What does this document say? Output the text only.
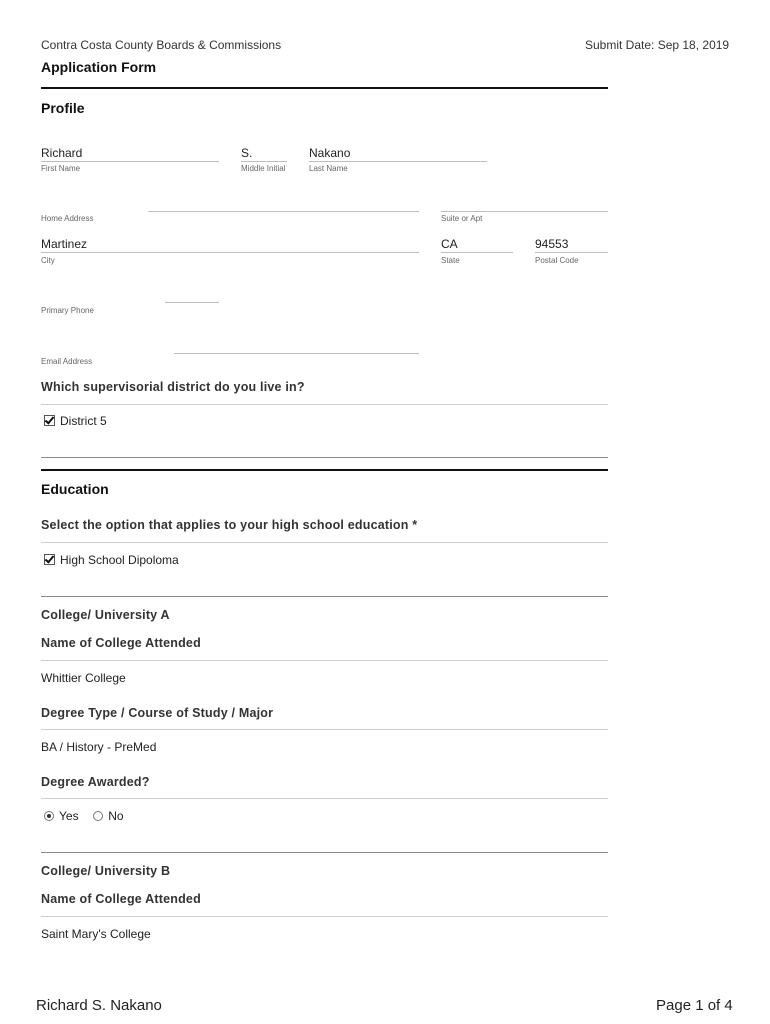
Contra Costa County Boards & Commissions	Submit Date: Sep 18, 2019
Application Form
Profile
Richard
First Name
S.
Middle Initial
Nakano
Last Name
Home Address	Suite or Apt
Martinez
City
CA
State
94553
Postal Code
Primary Phone
Email Address
Which supervisorial district do you live in?
District 5
Education
Select the option that applies to your high school education *
High School Dipoloma
College/ University A
Name of College Attended
Whittier College
Degree Type / Course of Study / Major
BA / History - PreMed
Degree Awarded?
Yes No
College/ University B
Name of College Attended
Saint Mary's College
Richard S. Nakano	Page 1 of 4
